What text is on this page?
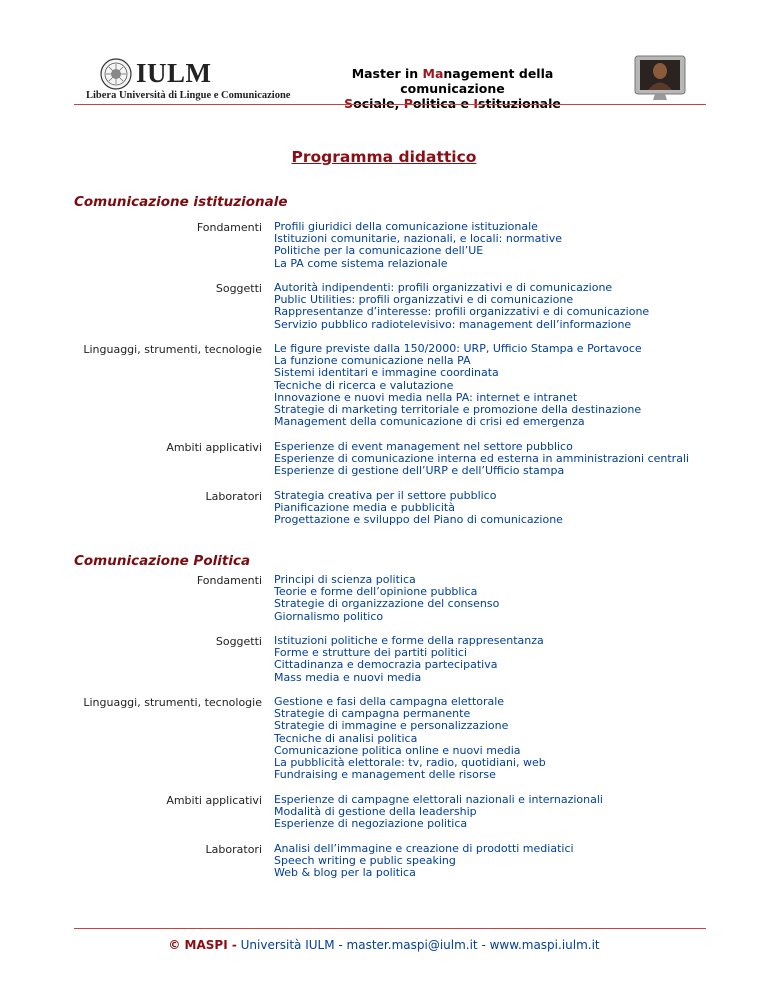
IULM
Libera Università di Lingue e Comunicazione
Master in Management della comunicazione
Sociale, Politica e Istituzionale
Programma didattico
Comunicazione istituzionale
Fondamenti Profili giuridici della comunicazione istituzionale
Istituzioni comunitarie, nazionali, e locali: normative
Politiche per la comunicazione dell’UE
La PA come sistema relazionale
Soggetti Autorità indipendenti: profili organizzativi e di comunicazione
Public Utilities: profili organizzativi e di comunicazione
Rappresentanze d’interesse: profili organizzativi e di comunicazione
Servizio pubblico radiotelevisivo: management dell’informazione
Linguaggi, strumenti, tecnologie Le figure previste dalla 150/2000: URP, Ufficio Stampa e Portavoce
La funzione comunicazione nella PA
Sistemi identitari e immagine coordinata
Tecniche di ricerca e valutazione
Innovazione e nuovi media nella PA: internet e intranet
Strategie di marketing territoriale e promozione della destinazione
Management della comunicazione di crisi ed emergenza
Ambiti applicativi Esperienze di event management nel settore pubblico
Esperienze di comunicazione interna ed esterna in amministrazioni centrali
Esperienze di gestione dell’URP e dell’Ufficio stampa
Laboratori Strategia creativa per il settore pubblico
Pianificazione media e pubblicità
Progettazione e sviluppo del Piano di comunicazione
Comunicazione Politica
Fondamenti Principi di scienza politica
Teorie e forme dell’opinione pubblica
Strategie di organizzazione del consenso
Giornalismo politico
Soggetti Istituzioni politiche e forme della rappresentanza
Forme e strutture dei partiti politici
Cittadinanza e democrazia partecipativa
Mass media e nuovi media
Linguaggi, strumenti, tecnologie Gestione e fasi della campagna elettorale
Strategie di campagna permanente
Strategie di immagine e personalizzazione
Tecniche di analisi politica
Comunicazione politica online e nuovi media
La pubblicità elettorale: tv, radio, quotidiani, web
Fundraising e management delle risorse
Ambiti applicativi Esperienze di campagne elettorali nazionali e internazionali
Modalità di gestione della leadership
Esperienze di negoziazione politica
Laboratori Analisi dell’immagine e creazione di prodotti mediatici
Speech writing e public speaking
Web & blog per la politica
© MASPI - Università IULM - master.maspi@iulm.it - www.maspi.iulm.it
